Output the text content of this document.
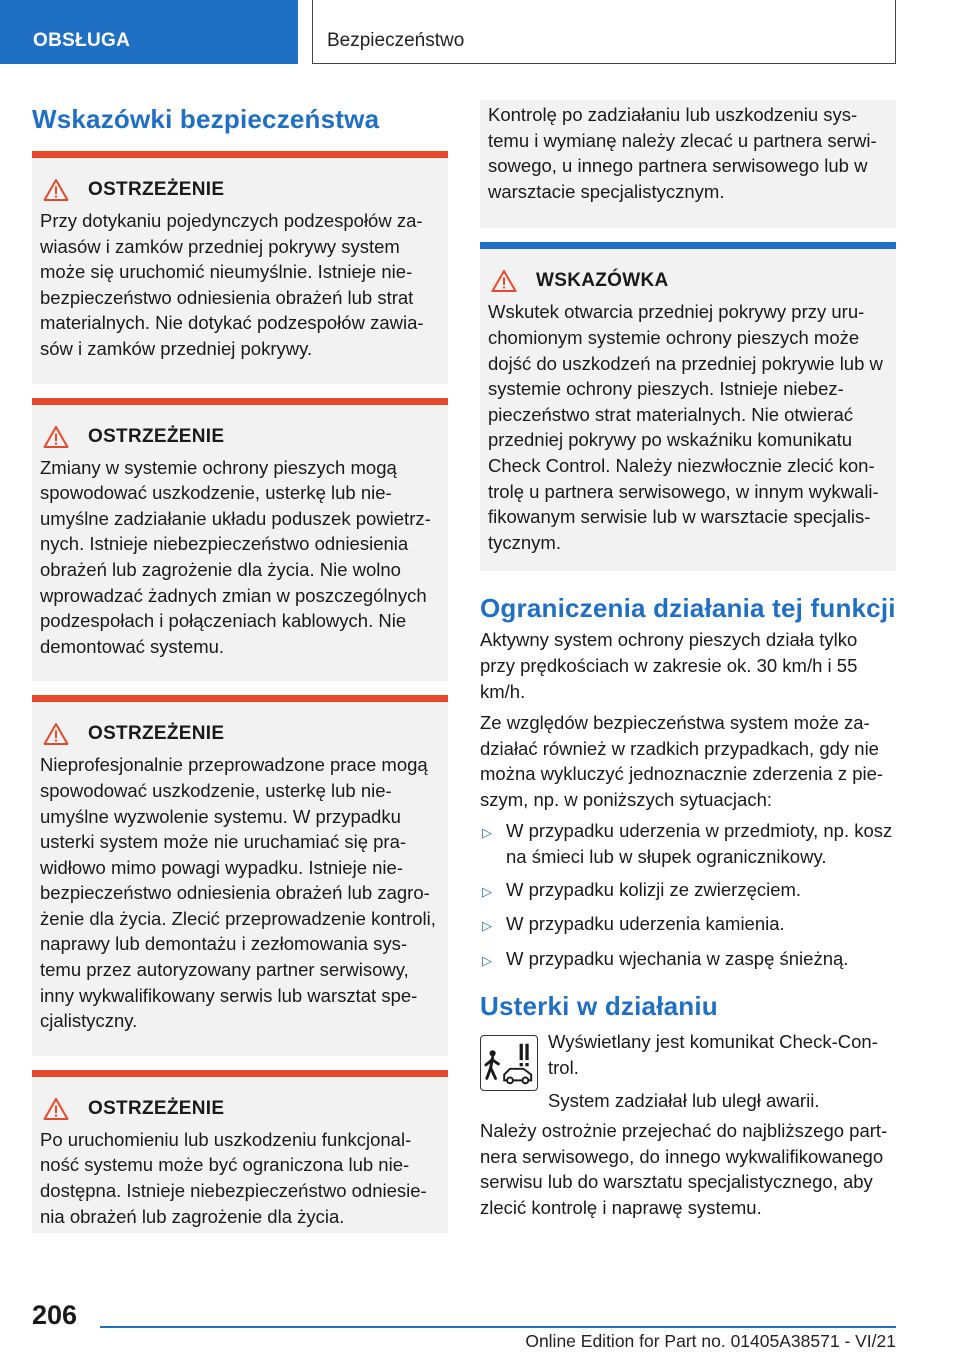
OBSŁUGA	Bezpieczeństwo
Wskazówki bezpieczeństwa
OSTRZEŻENIE

Przy dotykaniu pojedynczych podzespołów zawiasów i zamków przedniej pokrywy system może się uruchomić nieumyślnie. Istnieje niebezpieczeństwo odniesienia obrażeń lub strat materialnych. Nie dotykać podzespołów zawiasów i zamków przedniej pokrywy.

OSTRZEŻENIE

Zmiany w systemie ochrony pieszych mogą spowodować uszkodzenie, usterkę lub nieumyślne zadziałanie układu poduszek powietrznych. Istnieje niebezpieczeństwo odniesienia obrażeń lub zagrożenie dla życia. Nie wolno wprowadzać żadnych zmian w poszczególnych podzespołach i połączeniach kablowych. Nie demontować systemu.

OSTRZEŻENIE

Nieprofesjonalnie przeprowadzone prace mogą spowodować uszkodzenie, usterkę lub nieumyślne wyzwolenie systemu. W przypadku usterki system może nie uruchamiać się prawidłowo mimo powagi wypadku. Istnieje niebezpieczeństwo odniesienia obrażeń lub zagrożenie dla życia. Zlecić przeprowadzenie kontroli, naprawy lub demontażu i zezłomowania systemu przez autoryzowany partner serwisowy, inny wykwalifikowany serwis lub warsztat specjalistyczny.

OSTRZEŻENIE

Po uruchomieniu lub uszkodzeniu funkcjonalność systemu może być ograniczona lub niedostępna. Istnieje niebezpieczeństwo odniesienia obrażeń lub zagrożenie dla życia.

Kontrolę po zadziałaniu lub uszkodzeniu systemu i wymianę należy zlecać u partnera serwisowego, u innego partnera serwisowego lub w warsztacie specjalistycznym.

WSKAZÓWKA

Wskutek otwarcia przedniej pokrywy przy uruchomionym systemie ochrony pieszych może dojść do uszkodzeń na przedniej pokrywie lub w systemie ochrony pieszych. Istnieje niebezpieczeństwo strat materialnych. Nie otwierać przedniej pokrywy po wskaźniku komunikatu Check Control. Należy niezwłocznie zlecić kontrolę u partnera serwisowego, w innym wykwalifikowanym serwisie lub w warsztacie specjalistycznym.

Ograniczenia działania tej funkcji

Aktywny system ochrony pieszych działa tylko przy prędkościach w zakresie ok. 30 km/h i 55 km/h.

Ze względów bezpieczeństwa system może zadziałać również w rzadkich przypadkach, gdy nie można wykluczyć jednoznacznie zderzenia z pieszym, np. w poniższych sytuacjach:

▷ W przypadku uderzenia w przedmioty, np. kosz na śmieci lub w słupek ogranicznikowy.
▷ W przypadku kolizji ze zwierzęciem.
▷ W przypadku uderzenia kamienia.
▷ W przypadku wjechania w zaspę śnieżną.
Usterki w działaniu

Wyświetlany jest komunikat Check-Control.

System zadziałał lub uległ awarii.

Należy ostrożnie przejechać do najbliższego partnera serwisowego, do innego wykwalifikowanego serwisu lub do warsztatu specjalistycznego, aby zlecić kontrolę i naprawę systemu.

206
Online Edition for Part no. 01405A38571 - VI/21
